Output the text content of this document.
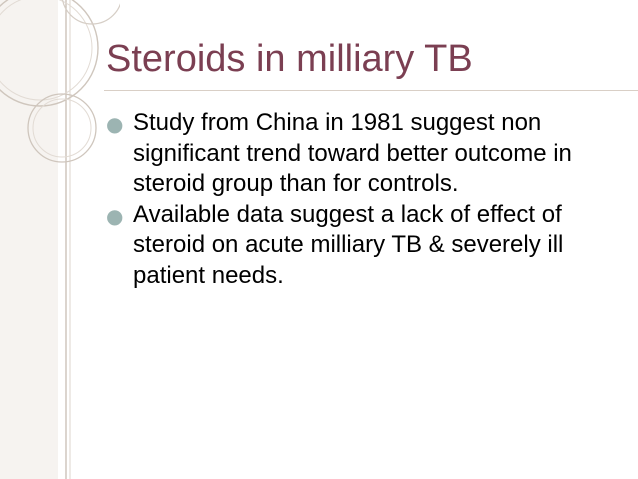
Steroids in milliary TB
● Study from China in 1981 suggest non significant trend toward better outcome in steroid group than for controls.
● Available data suggest a lack of effect of steroid on acute milliary TB & severely ill patient needs.
